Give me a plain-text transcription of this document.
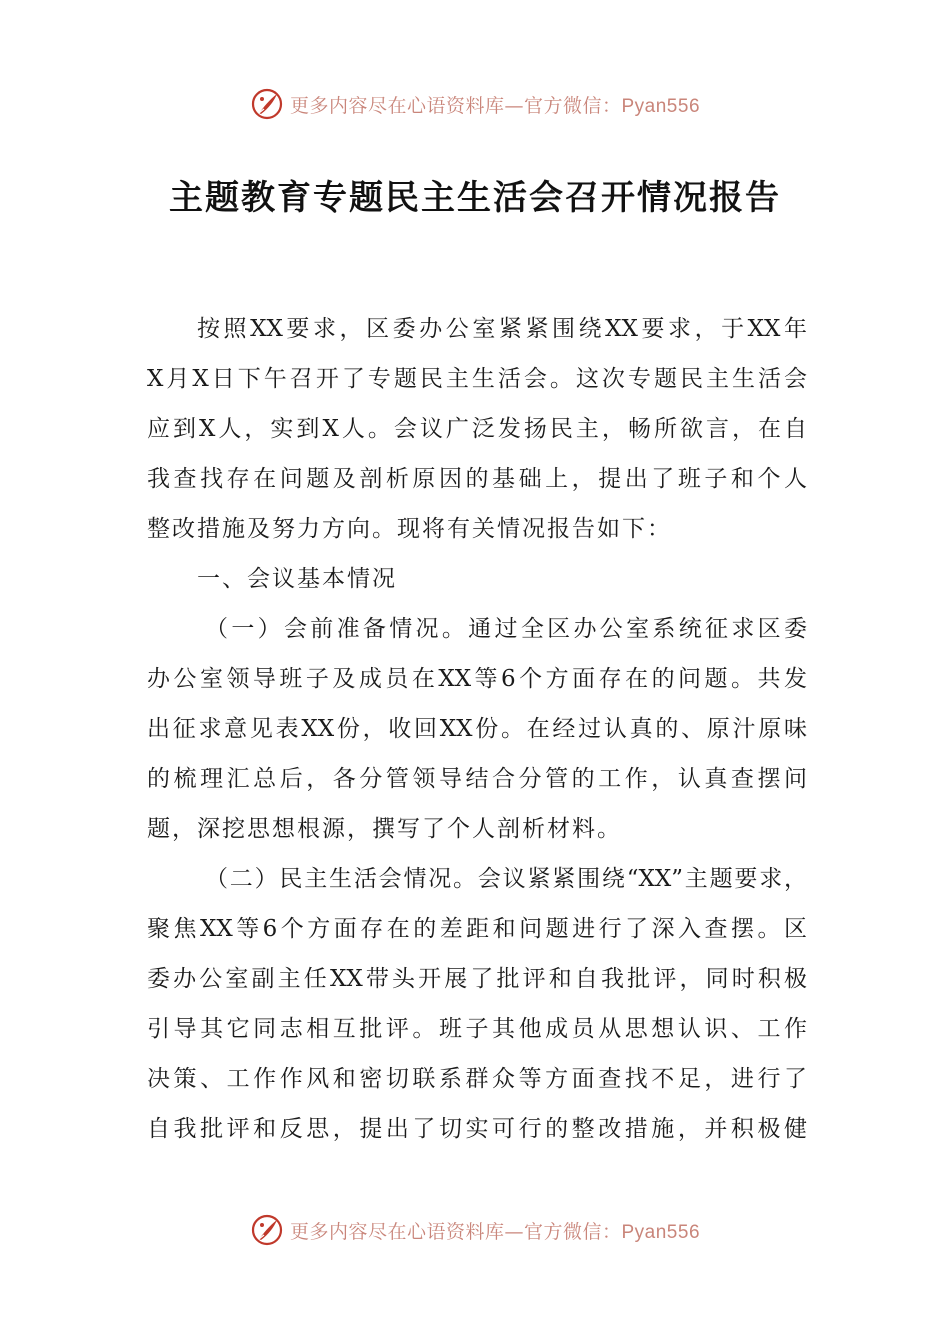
更多内容尽在心语资料库—官方微信：Pyan556
主题教育专题民主生活会召开情况报告
按照XX要求，区委办公室紧紧围绕XX要求，于XX年
X月X日下午召开了专题民主生活会。这次专题民主生活会
应到X人，实到X人。会议广泛发扬民主，畅所欲言，在自
我查找存在问题及剖析原因的基础上，提出了班子和个人
整改措施及努力方向。现将有关情况报告如下：
一、会议基本情况
（一）会前准备情况。通过全区办公室系统征求区委
办公室领导班子及成员在XX等6个方面存在的问题。共发
出征求意见表XX份，收回XX份。在经过认真的、原汁原味
的梳理汇总后，各分管领导结合分管的工作，认真查摆问
题，深挖思想根源，撰写了个人剖析材料。
（二）民主生活会情况。会议紧紧围绕“XX”主题要求，
聚焦XX等6个方面存在的差距和问题进行了深入查摆。区
委办公室副主任XX带头开展了批评和自我批评，同时积极
引导其它同志相互批评。班子其他成员从思想认识、工作
决策、工作作风和密切联系群众等方面查找不足，进行了
自我批评和反思，提出了切实可行的整改措施，并积极健
更多内容尽在心语资料库—官方微信：Pyan556
